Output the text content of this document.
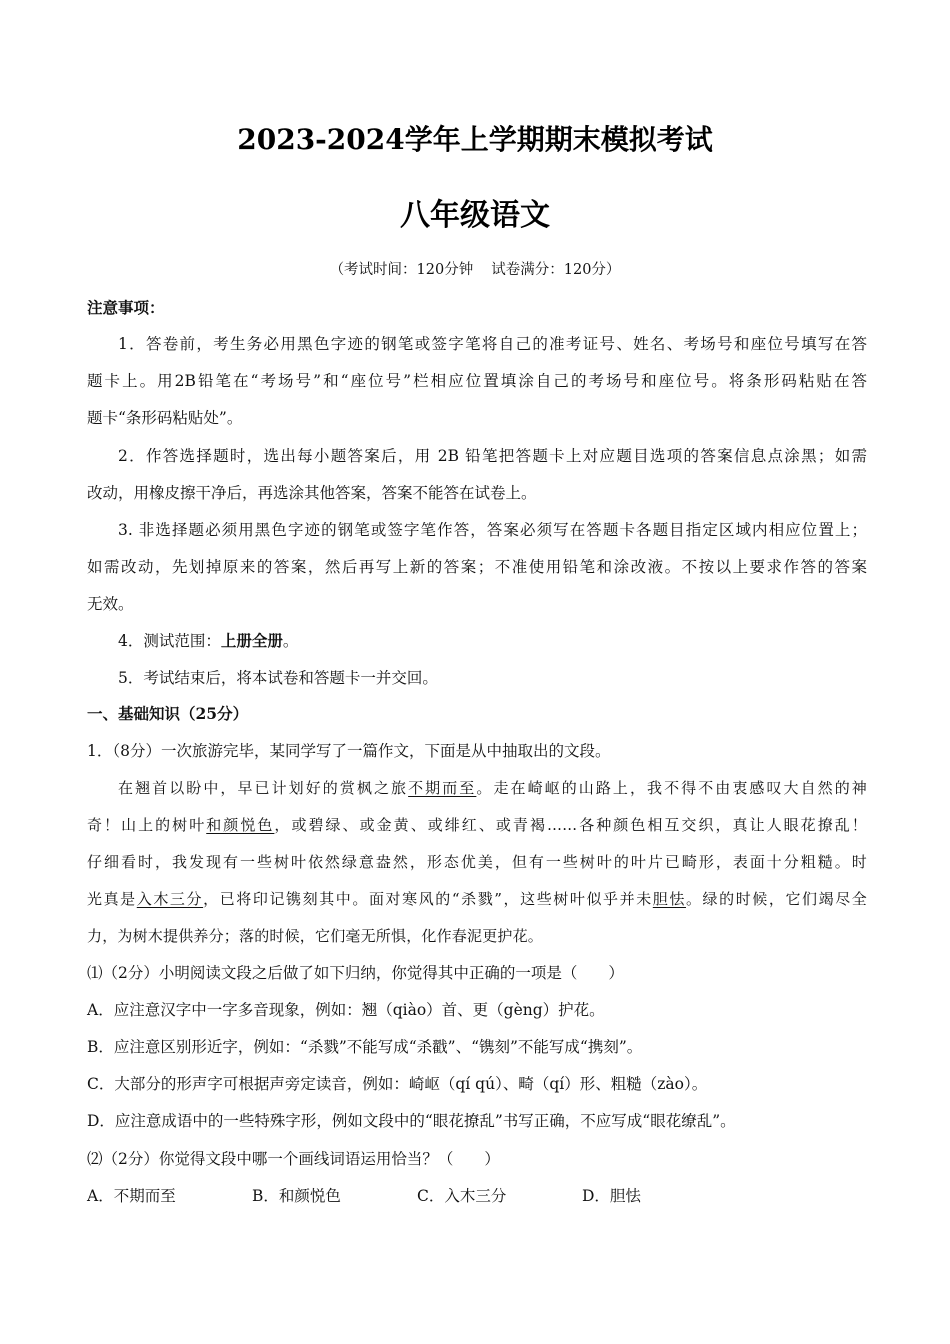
2023-2024学年上学期期末模拟考试
八年级语文
（考试时间：120分钟 试卷满分：120分）
注意事项：
1．答卷前，考生务必用黑色字迹的钢笔或签字笔将自己的准考证号、姓名、考场号和座位号填写在答
题卡上。用2B铅笔在“考场号”和“座位号”栏相应位置填涂自己的考场号和座位号。将条形码粘贴在答
题卡“条形码粘贴处”。
2．作答选择题时，选出每小题答案后，用 2B 铅笔把答题卡上对应题目选项的答案信息点涂黑；如需
改动，用橡皮擦干净后，再选涂其他答案，答案不能答在试卷上。
3. 非选择题必须用黑色字迹的钢笔或签字笔作答，答案必须写在答题卡各题目指定区域内相应位置上；
如需改动，先划掉原来的答案，然后再写上新的答案；不准使用铅笔和涂改液。不按以上要求作答的答案
无效。
4．测试范围：上册全册。
5．考试结束后，将本试卷和答题卡一并交回。
一、基础知识（25分）
1．（8分）一次旅游完毕，某同学写了一篇作文，下面是从中抽取出的文段。
在翘首以盼中，早已计划好的赏枫之旅不期而至。走在崎岖的山路上，我不得不由衷感叹大自然的神
奇！山上的树叶和颜悦色，或碧绿、或金黄、或绯红、或青褐……各种颜色相互交织，真让人眼花撩乱！
仔细看时，我发现有一些树叶依然绿意盎然，形态优美，但有一些树叶的叶片已畸形，表面十分粗糙。时
光真是入木三分，已将印记镌刻其中。面对寒风的“杀戮”，这些树叶似乎并未胆怯。绿的时候，它们竭尽全
力，为树木提供养分；落的时候，它们毫无所惧，化作春泥更护花。
⑴（2分）小明阅读文段之后做了如下归纳，你觉得其中正确的一项是（　　）
A．应注意汉字中一字多音现象，例如：翘（qiào）首、更（gèng）护花。
B．应注意区别形近字，例如：“杀戮”不能写成“杀戳”、“镌刻”不能写成“携刻”。
C．大部分的形声字可根据声旁定读音，例如：崎岖（qí qú）、畸（qí）形、粗糙（zào）。
D．应注意成语中的一些特殊字形，例如文段中的“眼花撩乱”书写正确，不应写成“眼花缭乱”。
⑵（2分）你觉得文段中哪一个画线词语运用恰当？（　　）
A．不期而至	B．和颜悦色	C．入木三分	D．胆怯
